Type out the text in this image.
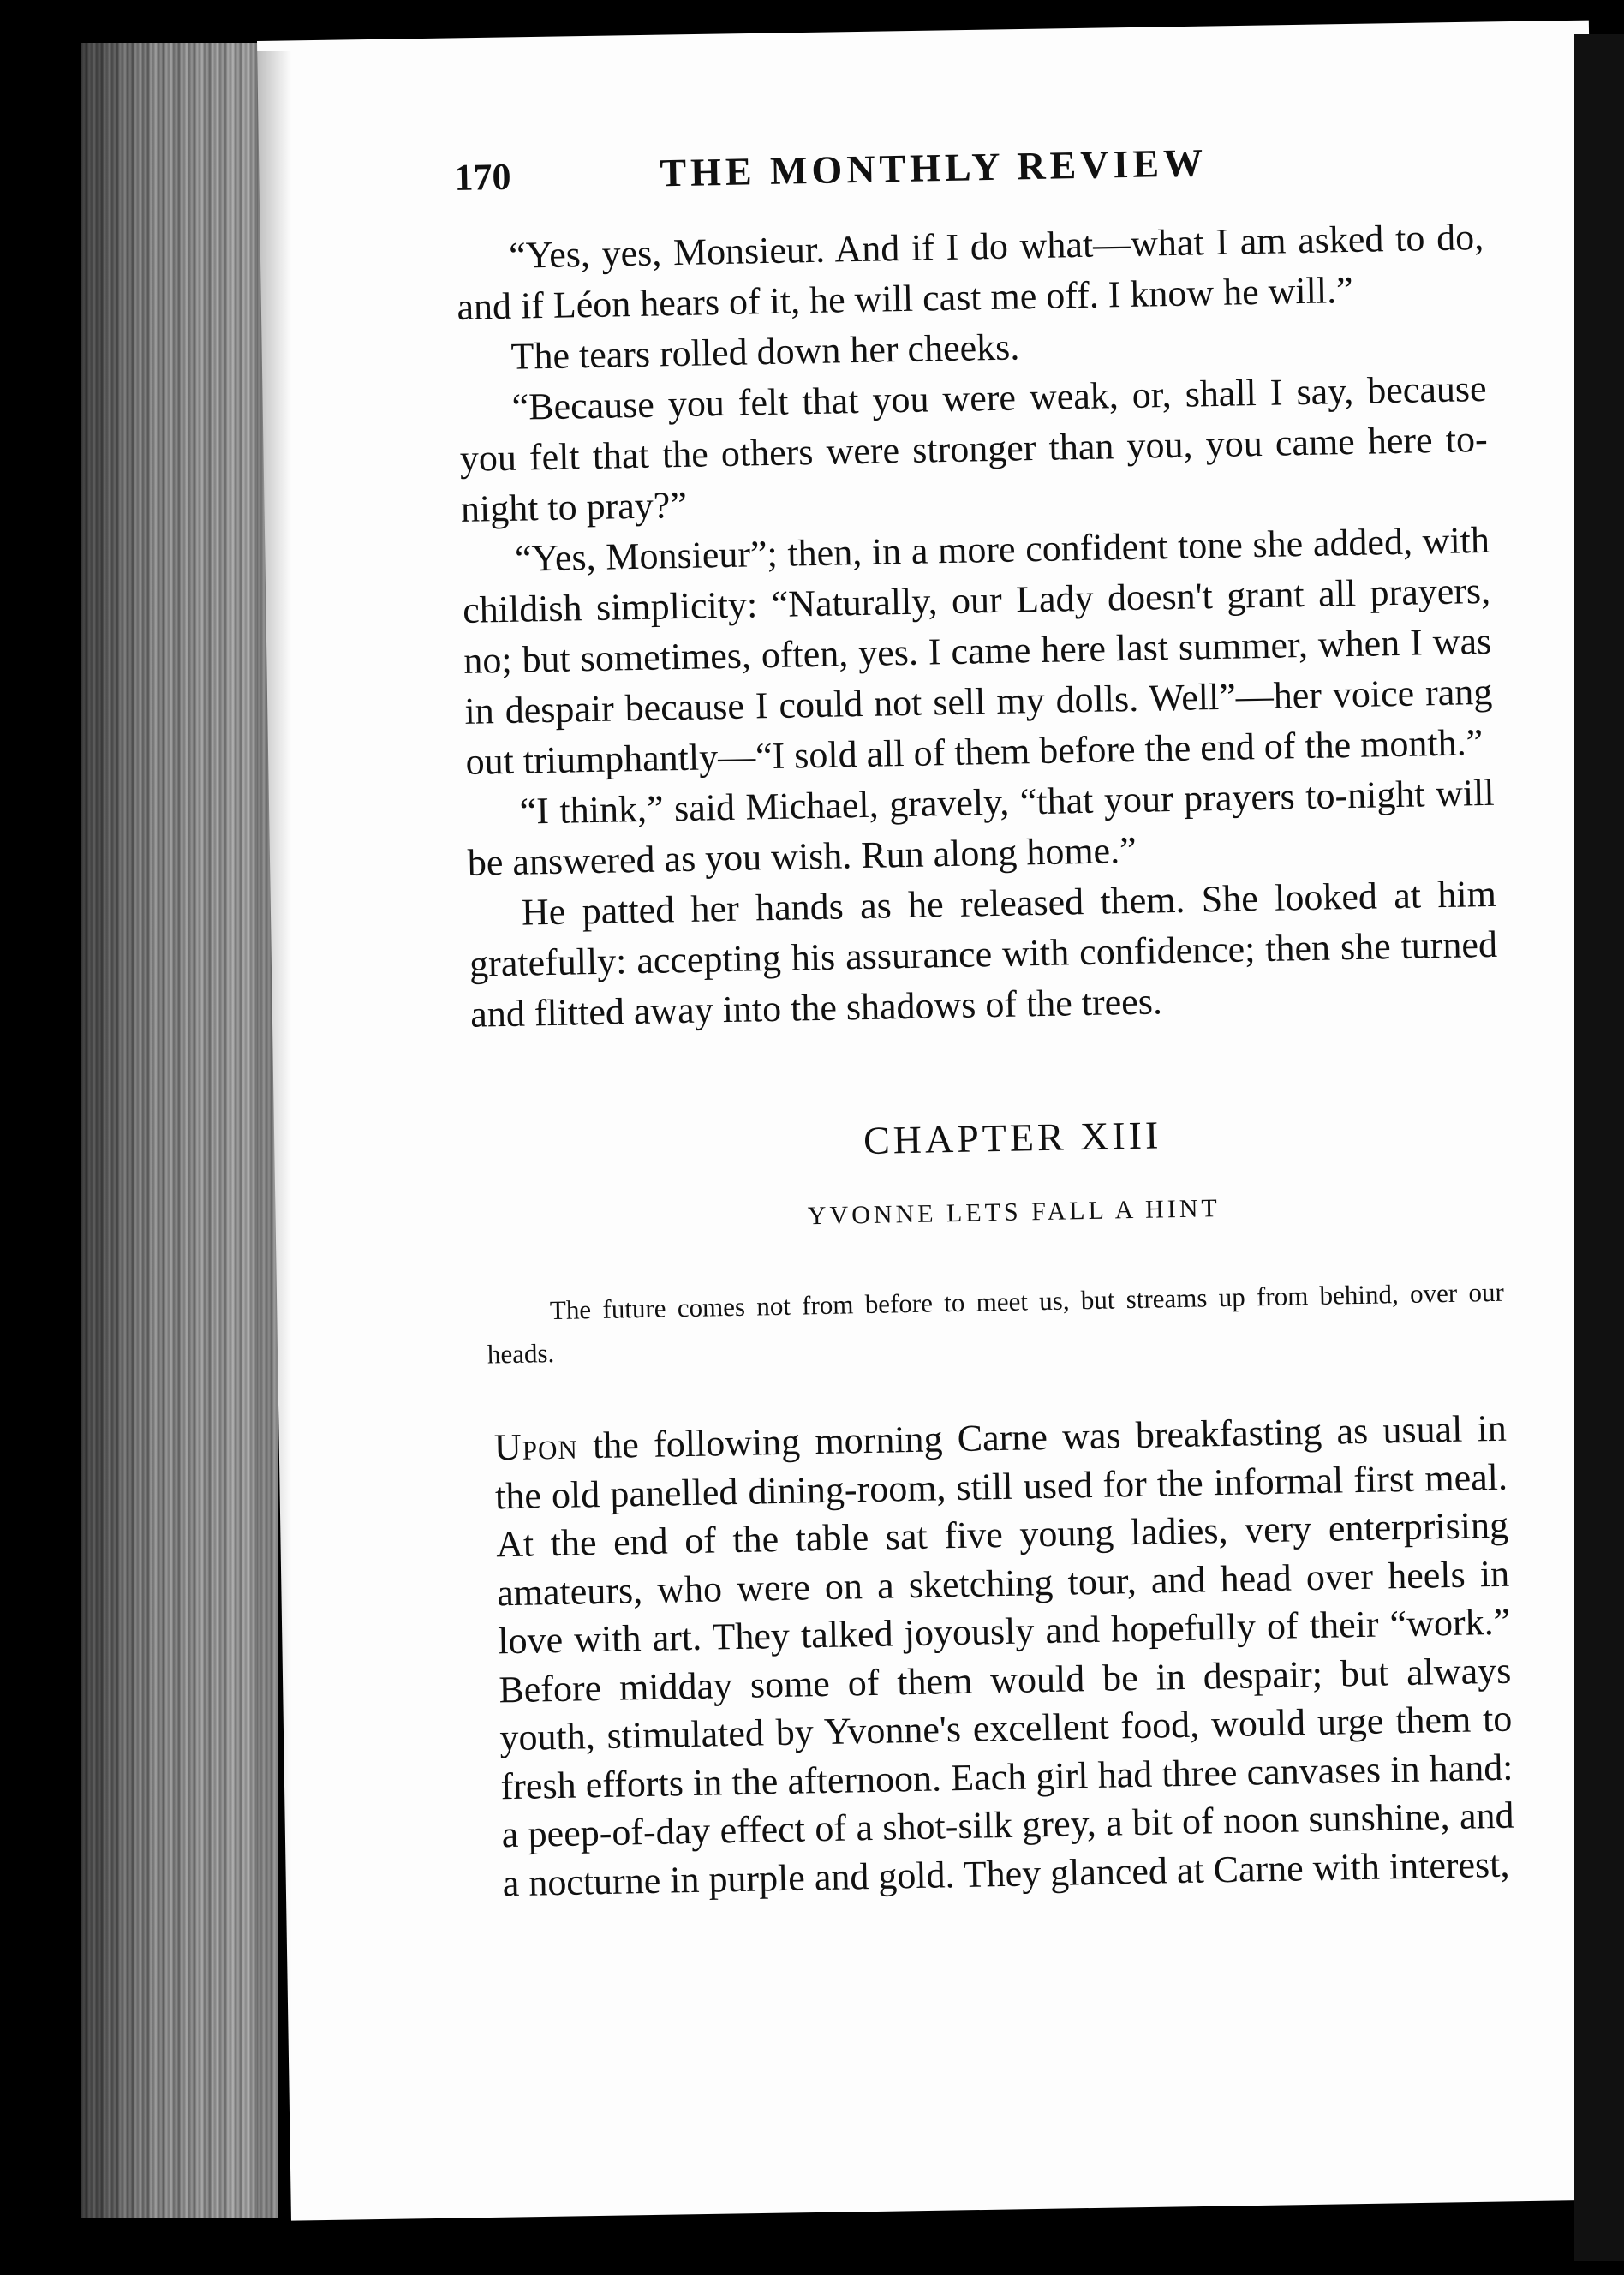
170	THE MONTHLY REVIEW

“Yes, yes, Monsieur. And if I do what—what I am asked to do, and if Léon hears of it, he will cast me off. I know he will.”

The tears rolled down her cheeks.

“Because you felt that you were weak, or, shall I say, because you felt that the others were stronger than you, you came here to-night to pray?”

“Yes, Monsieur”; then, in a more confident tone she added, with childish simplicity: “Naturally, our Lady doesn't grant all prayers, no; but sometimes, often, yes. I came here last summer, when I was in despair because I could not sell my dolls. Well”—her voice rang out triumphantly—“I sold all of them before the end of the month.”

“I think,” said Michael, gravely, “that your prayers to-night will be answered as you wish. Run along home.”

He patted her hands as he released them. She looked at him gratefully: accepting his assurance with confidence; then she turned and flitted away into the shadows of the trees.

CHAPTER XIII
YVONNE LETS FALL A HINT

The future comes not from before to meet us, but streams up from behind, over our heads.

Upon the following morning Carne was breakfasting as usual in the old panelled dining-room, still used for the informal first meal. At the end of the table sat five young ladies, very enterprising amateurs, who were on a sketching tour, and head over heels in love with art. They talked joyously and hopefully of their “work.” Before midday some of them would be in despair; but always youth, stimulated by Yvonne's excellent food, would urge them to fresh efforts in the afternoon. Each girl had three canvases in hand: a peep-of-day effect of a shot-silk grey, a bit of noon sunshine, and a nocturne in purple and gold. They glanced at Carne with interest,
